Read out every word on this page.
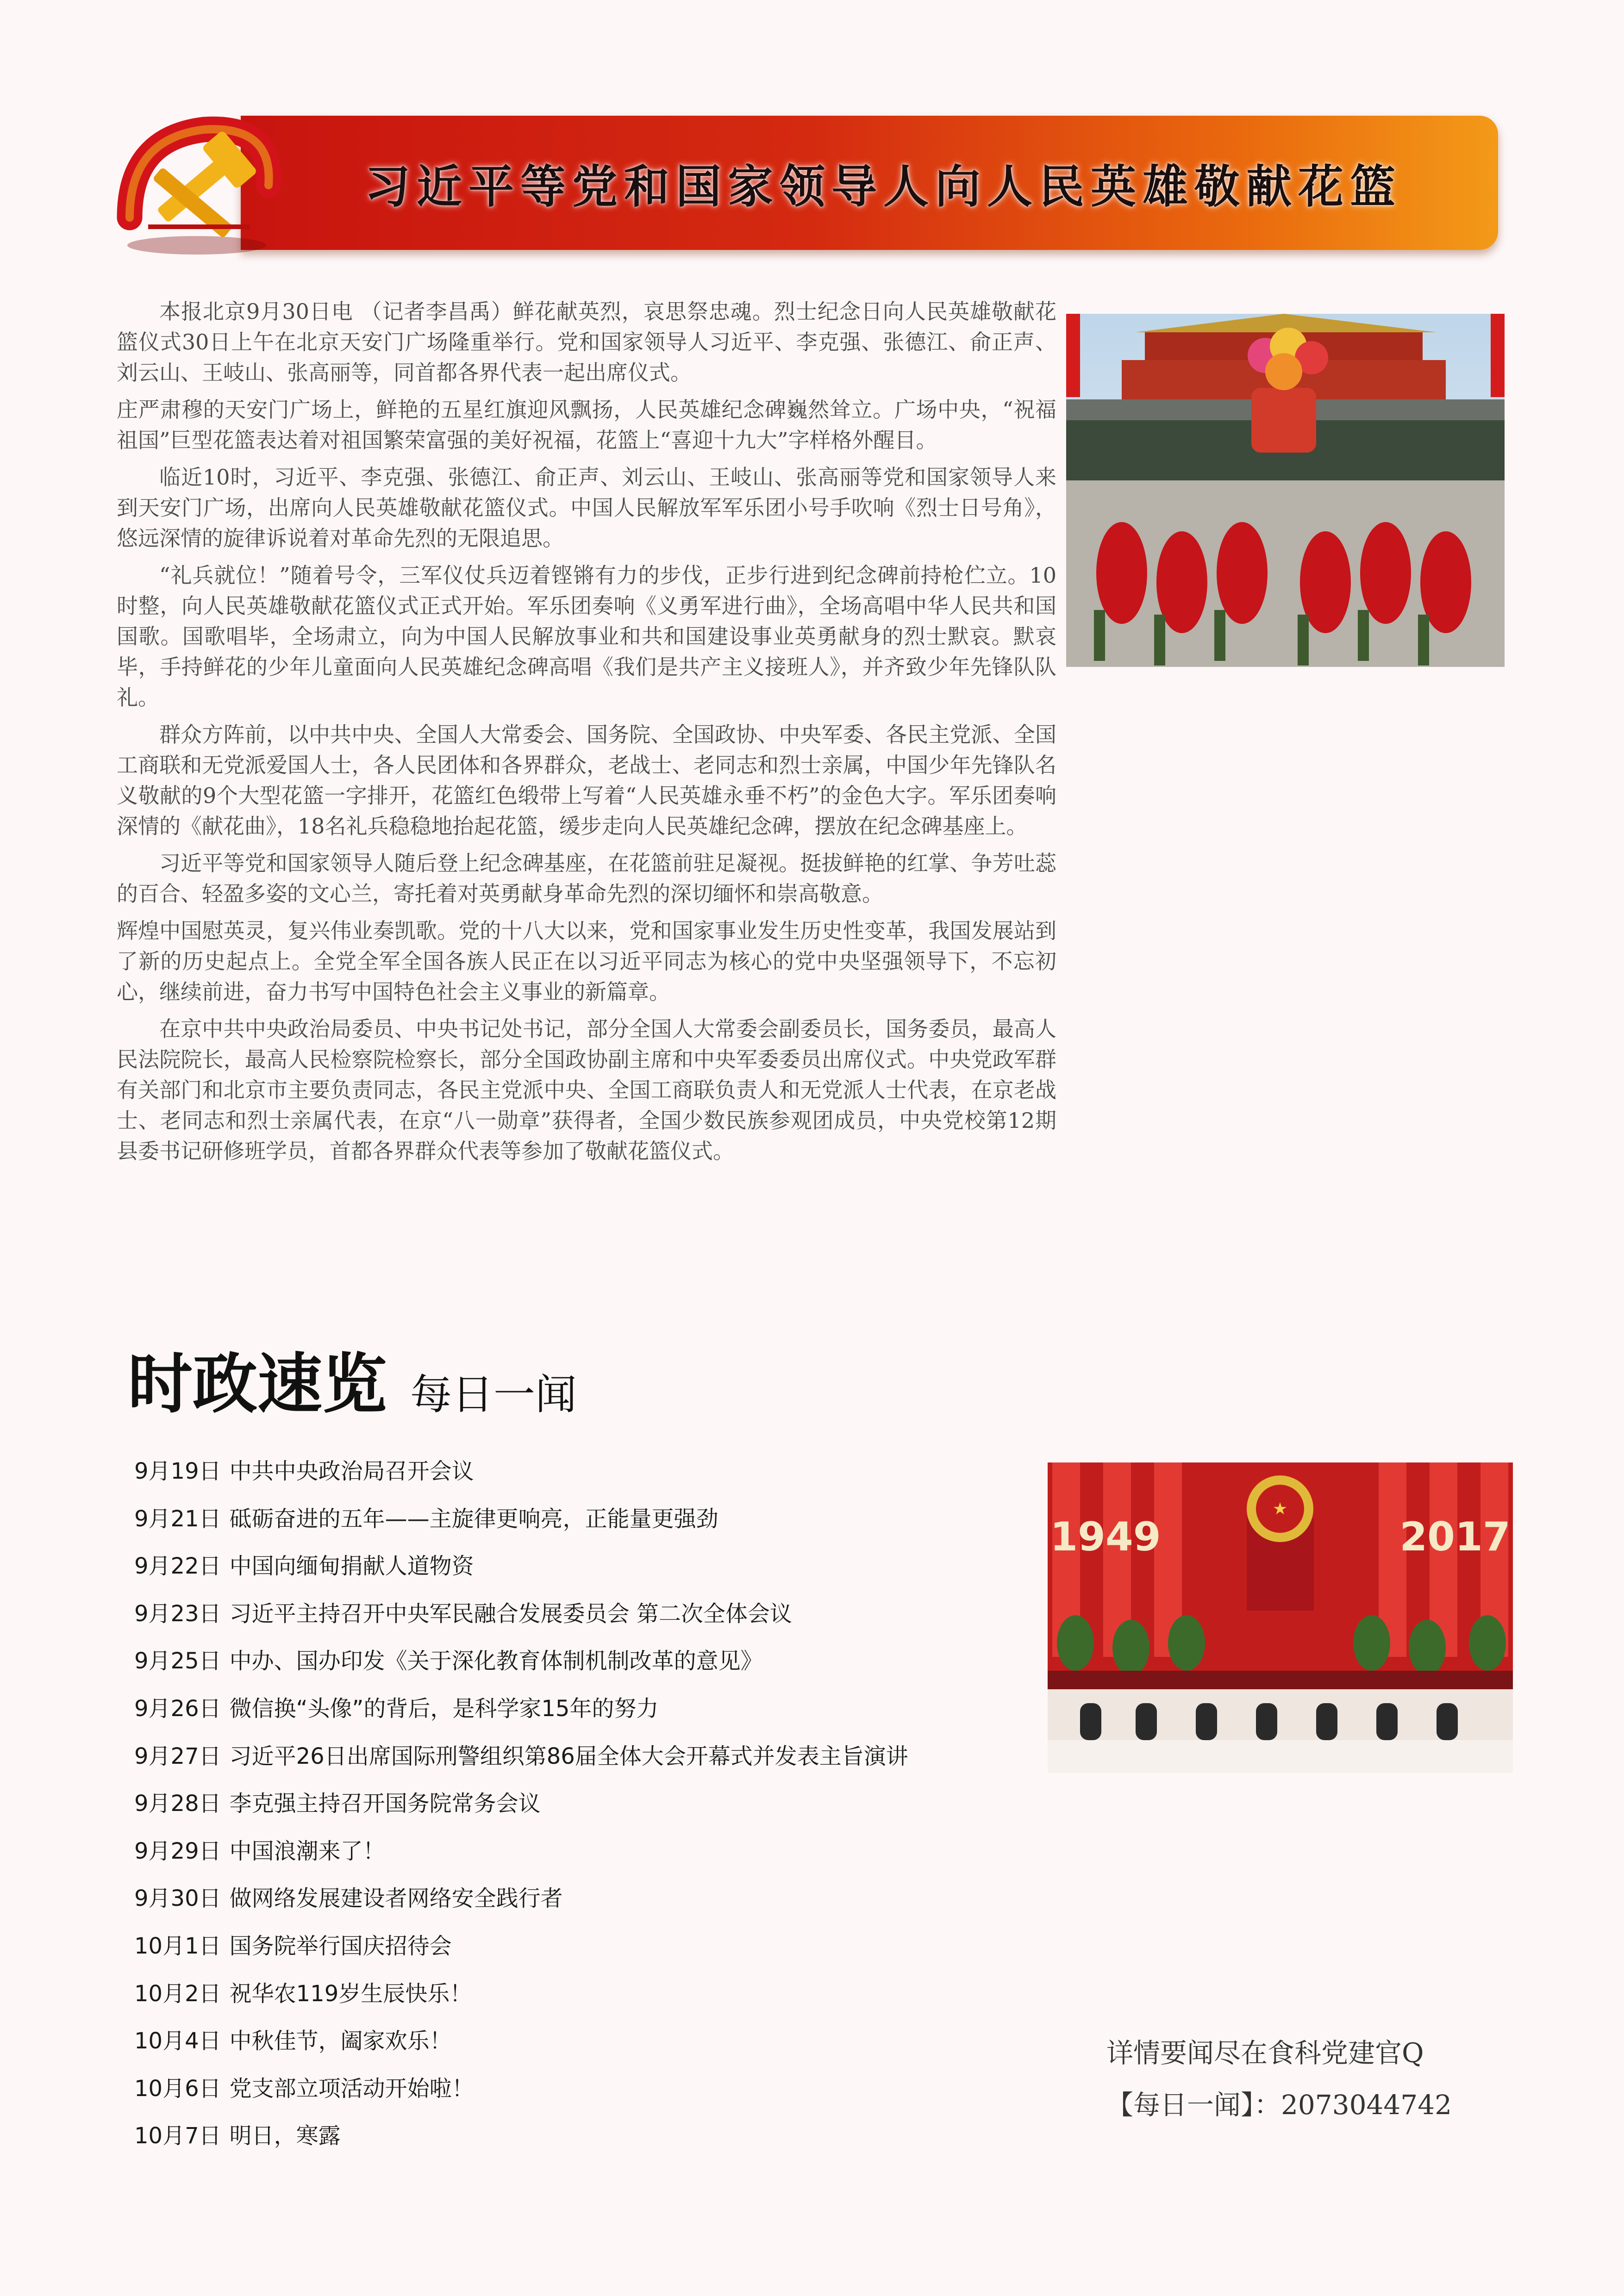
习近平等党和国家领导人向人民英雄敬献花篮

本报北京9月30日电 （记者李昌禹）鲜花献英烈，哀思祭忠魂。烈士纪念日向人民英雄敬献花篮仪式30日上午在北京天安门广场隆重举行。党和国家领导人习近平、李克强、张德江、俞正声、刘云山、王岐山、张高丽等，同首都各界代表一起出席仪式。

庄严肃穆的天安门广场上，鲜艳的五星红旗迎风飘扬，人民英雄纪念碑巍然耸立。广场中央，“祝福祖国”巨型花篮表达着对祖国繁荣富强的美好祝福，花篮上“喜迎十九大”字样格外醒目。

临近10时，习近平、李克强、张德江、俞正声、刘云山、王岐山、张高丽等党和国家领导人来到天安门广场，出席向人民英雄敬献花篮仪式。中国人民解放军军乐团小号手吹响《烈士日号角》，悠远深情的旋律诉说着对革命先烈的无限追思。

“礼兵就位！”随着号令，三军仪仗兵迈着铿锵有力的步伐，正步行进到纪念碑前持枪伫立。10时整，向人民英雄敬献花篮仪式正式开始。军乐团奏响《义勇军进行曲》，全场高唱中华人民共和国国歌。国歌唱毕，全场肃立，向为中国人民解放事业和共和国建设事业英勇献身的烈士默哀。默哀毕，手持鲜花的少年儿童面向人民英雄纪念碑高唱《我们是共产主义接班人》，并齐致少年先锋队队礼。

群众方阵前，以中共中央、全国人大常委会、国务院、全国政协、中央军委、各民主党派、全国工商联和无党派爱国人士，各人民团体和各界群众，老战士、老同志和烈士亲属，中国少年先锋队名义敬献的9个大型花篮一字排开，花篮红色缎带上写着“人民英雄永垂不朽”的金色大字。军乐团奏响深情的《献花曲》，18名礼兵稳稳地抬起花篮，缓步走向人民英雄纪念碑，摆放在纪念碑基座上。

习近平等党和国家领导人随后登上纪念碑基座，在花篮前驻足凝视。挺拔鲜艳的红掌、争芳吐蕊的百合、轻盈多姿的文心兰，寄托着对英勇献身革命先烈的深切缅怀和崇高敬意。

辉煌中国慰英灵，复兴伟业奏凯歌。党的十八大以来，党和国家事业发生历史性变革，我国发展站到了新的历史起点上。全党全军全国各族人民正在以习近平同志为核心的党中央坚强领导下，不忘初心，继续前进，奋力书写中国特色社会主义事业的新篇章。

在京中共中央政治局委员、中央书记处书记，部分全国人大常委会副委员长，国务委员，最高人民法院院长，最高人民检察院检察长，部分全国政协副主席和中央军委委员出席仪式。中央党政军群有关部门和北京市主要负责同志，各民主党派中央、全国工商联负责人和无党派人士代表，在京老战士、老同志和烈士亲属代表，在京“八一勋章”获得者，全国少数民族参观团成员，中央党校第12期县委书记研修班学员，首都各界群众代表等参加了敬献花篮仪式。

时政速览 每日一闻
9月19日 中共中央政治局召开会议
9月21日 砥砺奋进的五年——主旋律更响亮，正能量更强劲
9月22日 中国向缅甸捐献人道物资
9月23日 习近平主持召开中央军民融合发展委员会 第二次全体会议
9月25日 中办、国办印发《关于深化教育体制机制改革的意见》
9月26日 微信换“头像”的背后，是科学家15年的努力
9月27日 习近平26日出席国际刑警组织第86届全体大会开幕式并发表主旨演讲
9月28日 李克强主持召开国务院常务会议
9月29日 中国浪潮来了！
9月30日 做网络发展建设者网络安全践行者
10月1日 国务院举行国庆招待会
10月2日 祝华农119岁生辰快乐！
10月4日 中秋佳节，阖家欢乐！
10月6日 党支部立项活动开始啦！
10月7日 明日，寒露
★
1949	2017
详情要闻尽在食科党建官Q
【每日一闻】：2073044742
